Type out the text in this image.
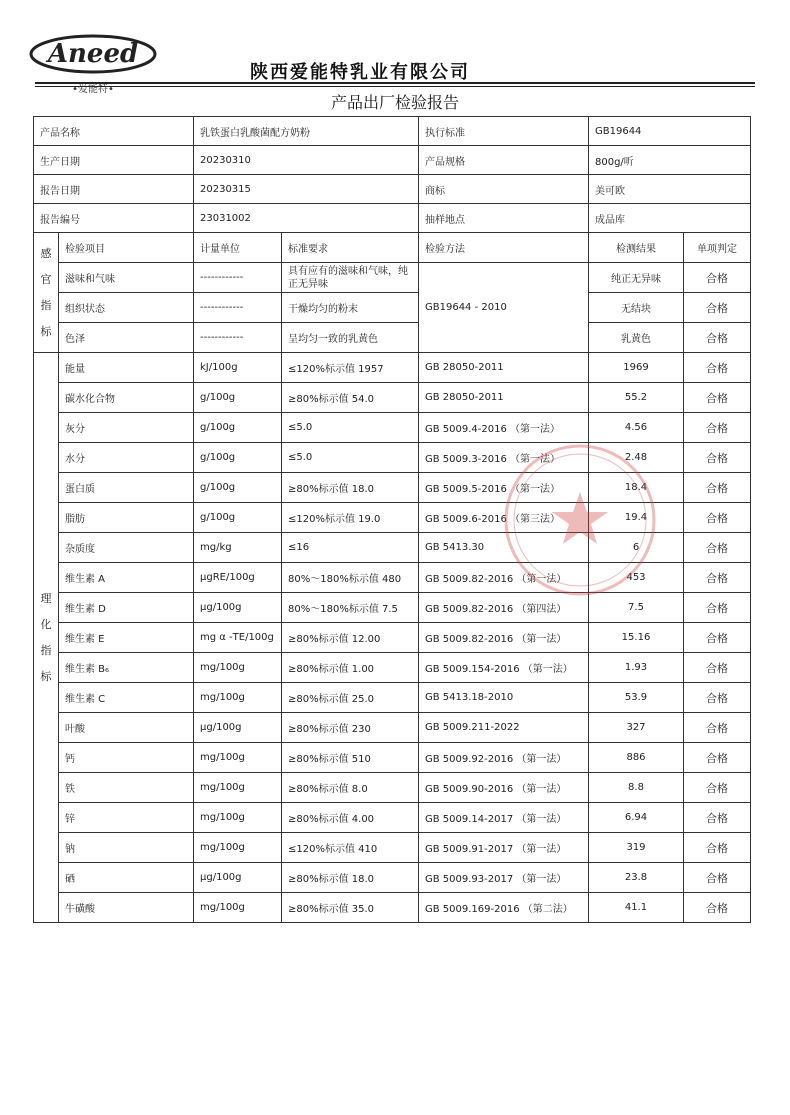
Aneed
•爱能特•
陕西爱能特乳业有限公司
产品出厂检验报告
产品名称		乳铁蛋白乳酸菌配方奶粉		执行标准	GB19644	
生产日期		20230310		产品规格	800g/听	
报告日期		20230315		商标	美可欧	
报告编号		23031002		抽样地点	成品库	

感
官
指
标	检验项目	计量单位	标准要求	检验方法	检测结果	单项判定
	滋味和气味	------------	具有应有的滋味和气味，纯正无异味	GB19644 - 2010	纯正无异味	合格
	组织状态	------------	干燥均匀的粉末		无结块	合格
	色泽	------------	呈均匀一致的乳黄色		乳黄色	合格

理
化
指
标	能量	kJ/100g	≤120%标示值 1957	GB 28050-2011	1969	合格
	碳水化合物	g/100g	≥80%标示值 54.0	GB 28050-2011	55.2	合格
	灰分	g/100g	≤5.0	GB 5009.4-2016 （第一法）	4.56	合格
	水分	g/100g	≤5.0	GB 5009.3-2016 （第一法）	2.48	合格
	蛋白质	g/100g	≥80%标示值 18.0	GB 5009.5-2016 （第一法）	18.4	合格
	脂肪	g/100g	≤120%标示值 19.0	GB 5009.6-2016 （第三法）	19.4	合格
	杂质度	mg/kg	≤16	GB 5413.30	6	合格
	维生素 A	μgRE/100g	80%～180%标示值 480	GB 5009.82-2016 （第一法）	453	合格
	维生素 D	μg/100g	80%～180%标示值 7.5	GB 5009.82-2016 （第四法）	7.5	合格
	维生素 E	mg α -TE/100g	≥80%标示值 12.00	GB 5009.82-2016 （第一法）	15.16	合格
	维生素 B₆	mg/100g	≥80%标示值 1.00	GB 5009.154-2016 （第一法）	1.93	合格
	维生素 C	mg/100g	≥80%标示值 25.0	GB 5413.18-2010	53.9	合格
	叶酸	μg/100g	≥80%标示值 230	GB 5009.211-2022	327	合格
	钙	mg/100g	≥80%标示值 510	GB 5009.92-2016 （第一法）	886	合格
	铁	mg/100g	≥80%标示值 8.0	GB 5009.90-2016 （第一法）	8.8	合格
	锌	mg/100g	≥80%标示值 4.00	GB 5009.14-2017 （第一法）	6.94	合格
	钠	mg/100g	≤120%标示值 410	GB 5009.91-2017 （第一法）	319	合格
	硒	μg/100g	≥80%标示值 18.0	GB 5009.93-2017 （第一法）	23.8	合格
	牛磺酸	mg/100g	≥80%标示值 35.0	GB 5009.169-2016 （第二法）	41.1	合格
